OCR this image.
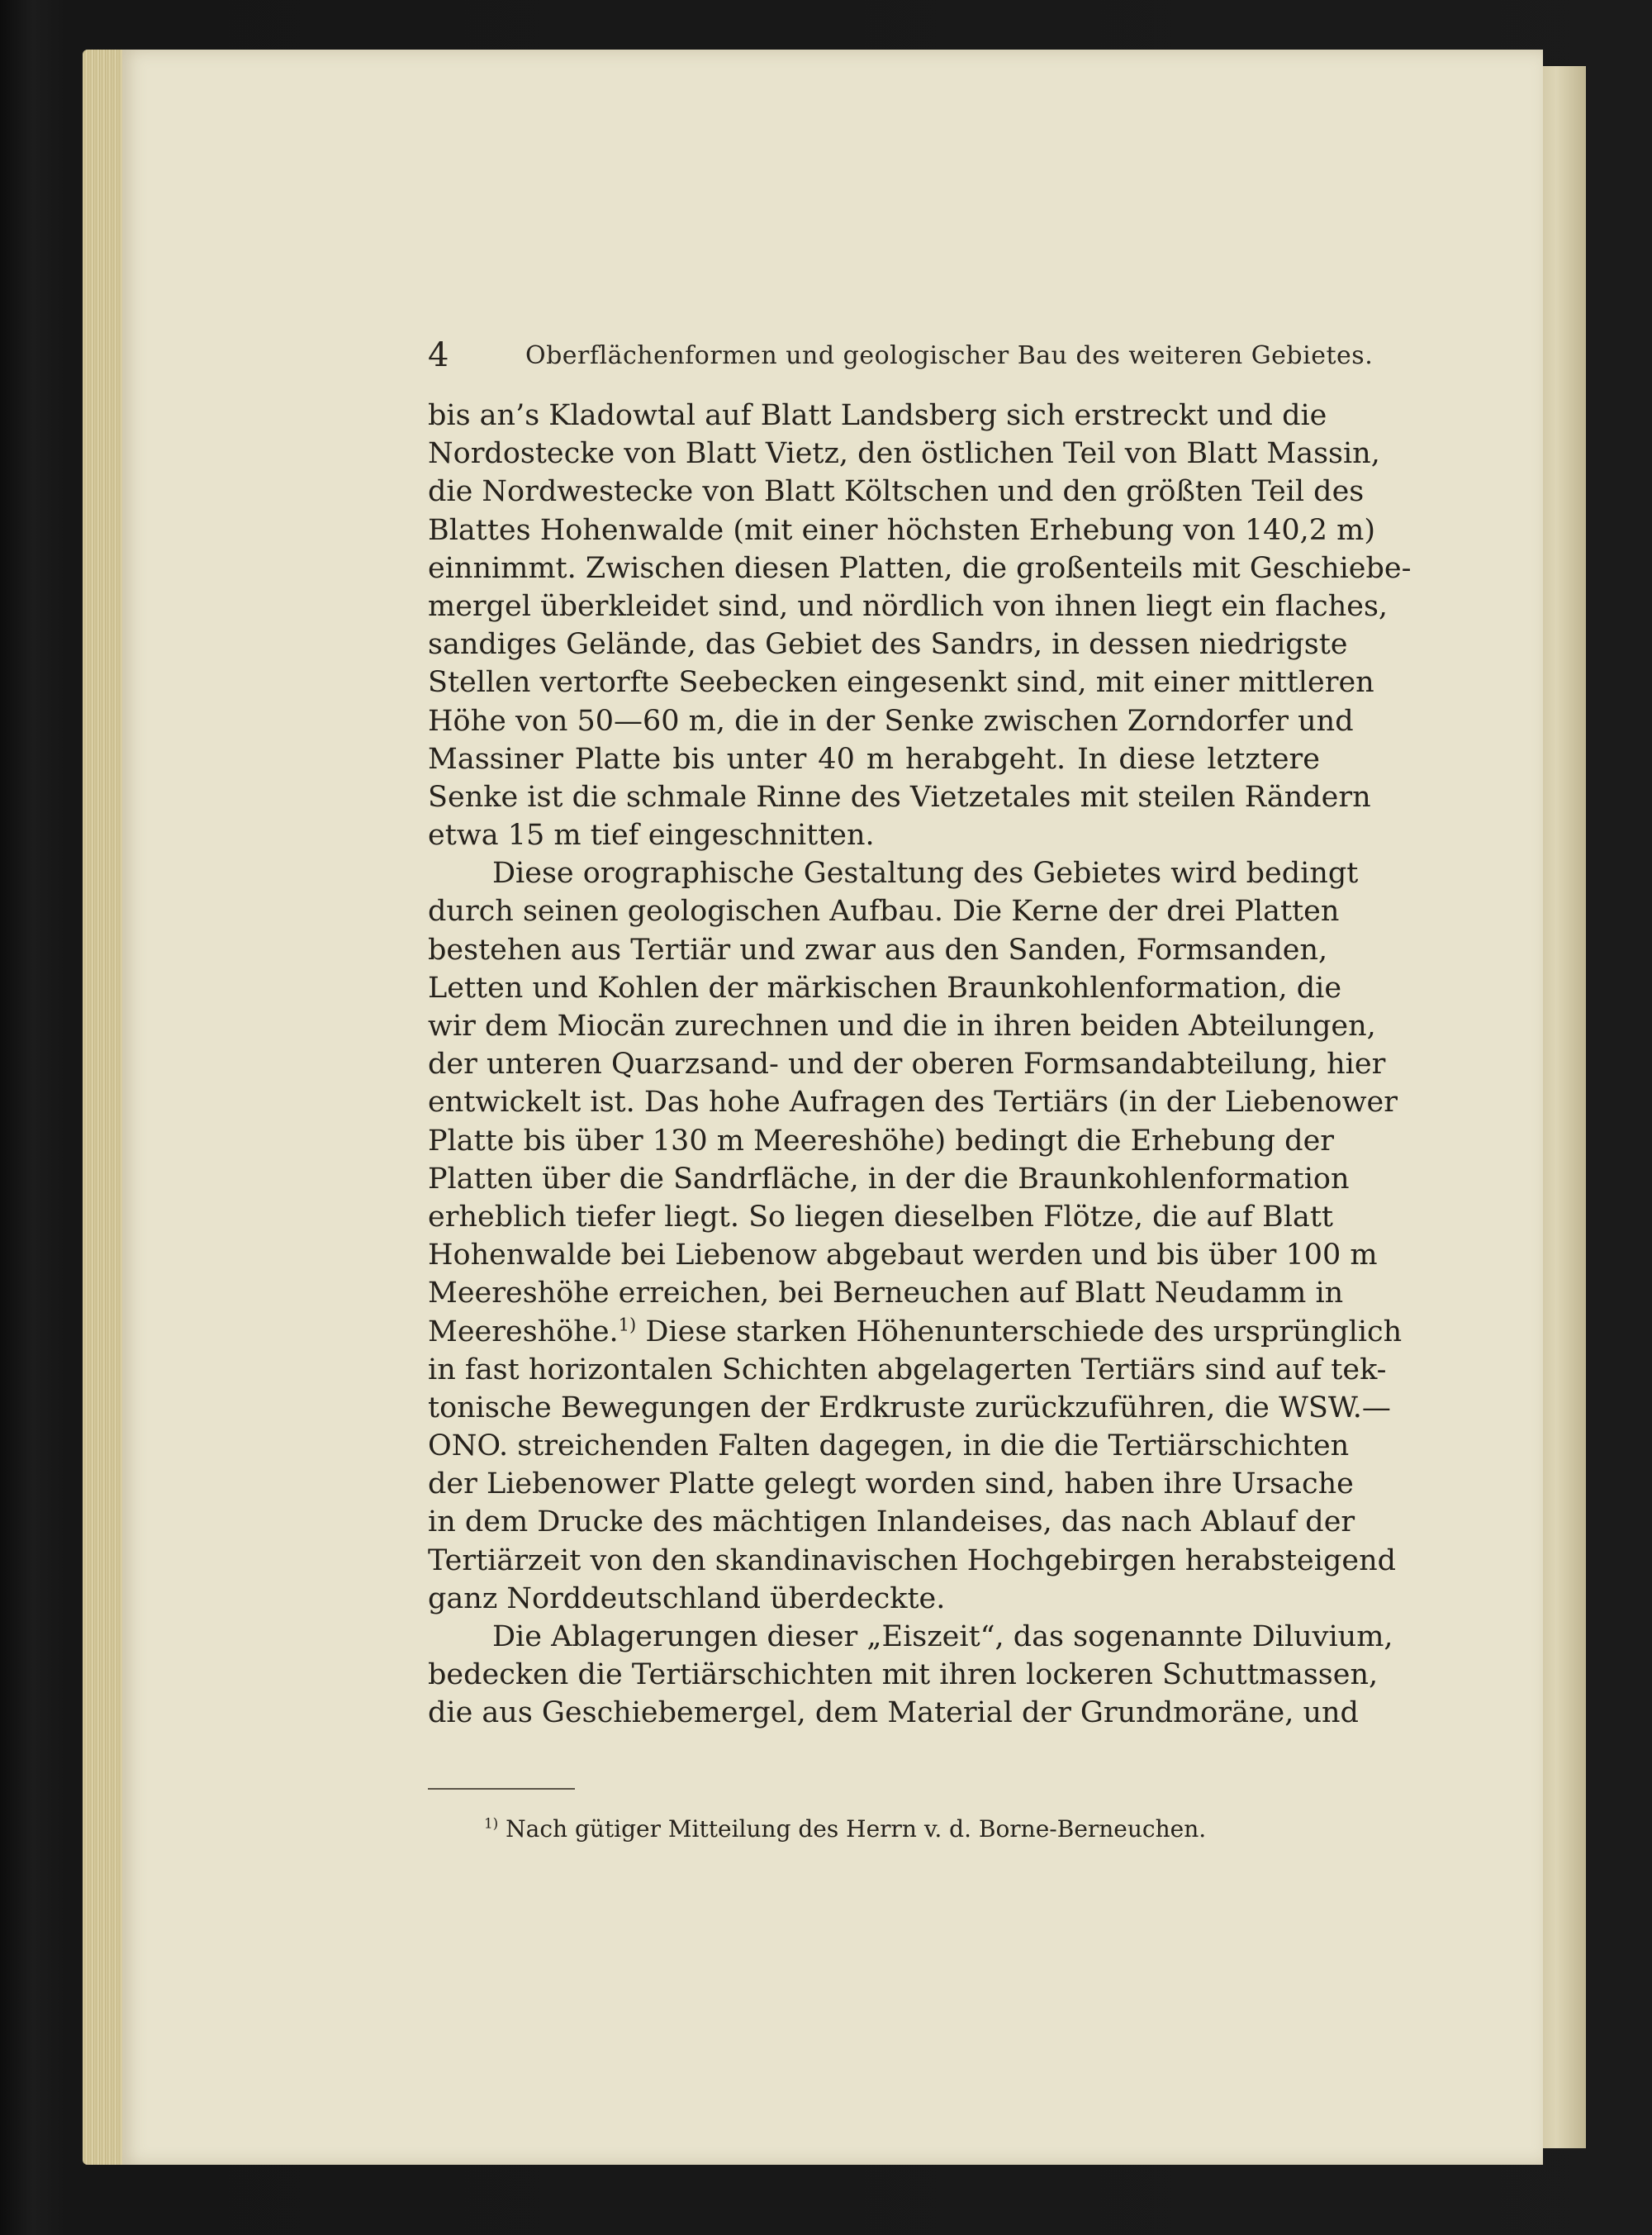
4	Oberflächenformen und geologischer Bau des weiteren Gebietes.
bis an’s Kladowtal auf Blatt Landsberg sich erstreckt und die
Nordostecke von Blatt Vietz, den östlichen Teil von Blatt Massin,
die Nordwestecke von Blatt Költschen und den größten Teil des
Blattes Hohenwalde (mit einer höchsten Erhebung von 140,2 m)
einnimmt. Zwischen diesen Platten, die großenteils mit Geschiebe-
mergel überkleidet sind, und nördlich von ihnen liegt ein flaches,
sandiges Gelände, das Gebiet des Sandrs, in dessen niedrigste
Stellen vertorfte Seebecken eingesenkt sind, mit einer mittleren
Höhe von 50—60 m, die in der Senke zwischen Zorndorfer und
Massiner Platte bis unter 40 m herabgeht. In diese letztere
Senke ist die schmale Rinne des Vietzetales mit steilen Rändern
etwa 15 m tief eingeschnitten.
Diese orographische Gestaltung des Gebietes wird bedingt
durch seinen geologischen Aufbau. Die Kerne der drei Platten
bestehen aus Tertiär und zwar aus den Sanden, Formsanden,
Letten und Kohlen der märkischen Braunkohlenformation, die
wir dem Miocän zurechnen und die in ihren beiden Abteilungen,
der unteren Quarzsand- und der oberen Formsandabteilung, hier
entwickelt ist. Das hohe Aufragen des Tertiärs (in der Liebenower
Platte bis über 130 m Meereshöhe) bedingt die Erhebung der
Platten über die Sandrfläche, in der die Braunkohlenformation
erheblich tiefer liegt. So liegen dieselben Flötze, die auf Blatt
Hohenwalde bei Liebenow abgebaut werden und bis über 100 m
Meereshöhe erreichen, bei Berneuchen auf Blatt Neudamm in
Meereshöhe.$^{1)}$ Diese starken Höhenunterschiede des ursprünglich
in fast horizontalen Schichten abgelagerten Tertiärs sind auf tek-
tonische Bewegungen der Erdkruste zurückzuführen, die WSW.—
ONO. streichenden Falten dagegen, in die die Tertiärschichten
der Liebenower Platte gelegt worden sind, haben ihre Ursache
in dem Drucke des mächtigen Inlandeises, das nach Ablauf der
Tertiärzeit von den skandinavischen Hochgebirgen herabsteigend
ganz Norddeutschland überdeckte.
Die Ablagerungen dieser „Eiszeit“, das sogenannte Diluvium,
bedecken die Tertiärschichten mit ihren lockeren Schuttmassen,
die aus Geschiebemergel, dem Material der Grundmoräne, und
$^{1)}$ Nach gütiger Mitteilung des Herrn v. d. Borne-Berneuchen.
